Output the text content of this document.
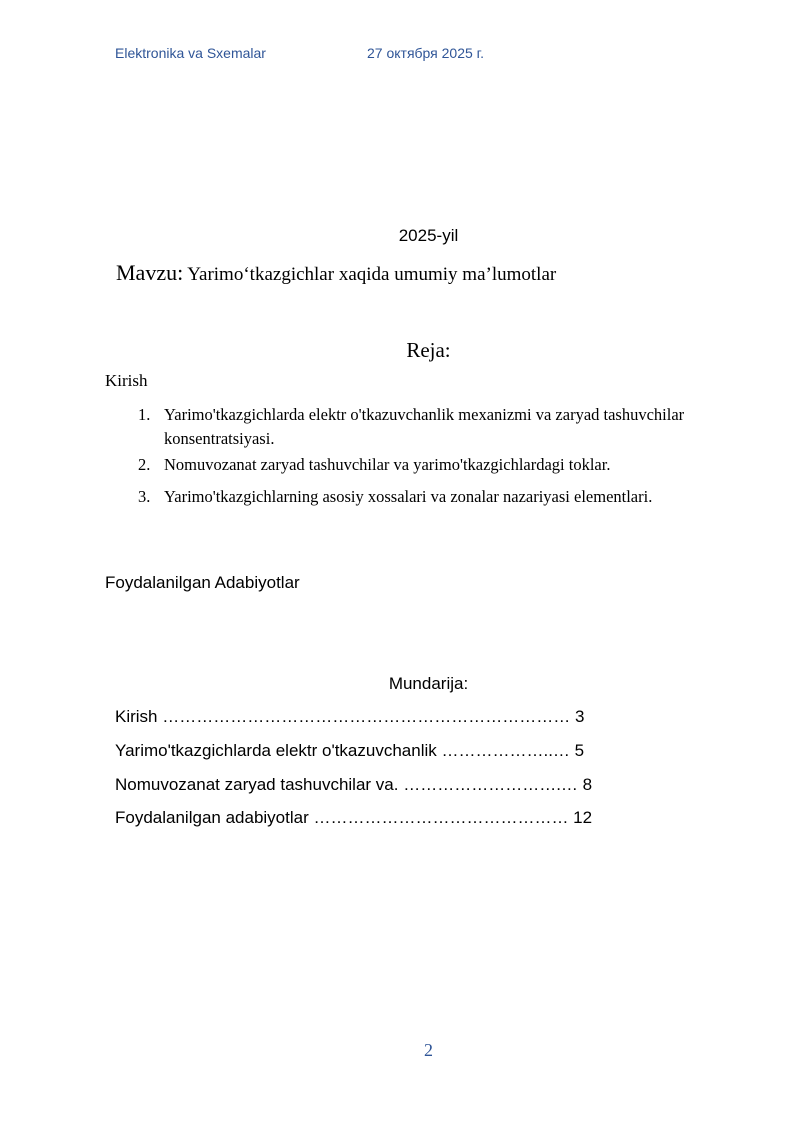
Elektronika va Sxemalar	27 октября 2025 г.
2025-yil
Mavzu: Yarimo‘tkazgichlar xaqida umumiy ma’lumotlar
Reja:
Kirish
1. Yarimo'tkazgichlarda elektr o'tkazuvchanlik mexanizmi va zaryad tashuvchilar konsentratsiyasi.
2. Nomuvozanat zaryad tashuvchilar va yarimo'tkazgichlardagi toklar.
3. Yarimo'tkazgichlarning asosiy xossalari va zonalar nazariyasi elementlari.
Foydalanilgan Adabiyotlar
Mundarija:
Kirish ……………………………………………………………… 3
Yarimo'tkazgichlarda elektr o'tkazuvchanlik ………………..… 5
Nomuvozanat zaryad tashuvchilar va. ……………………….… 8
Foydalanilgan adabiyotlar ……………………………………… 12
2
